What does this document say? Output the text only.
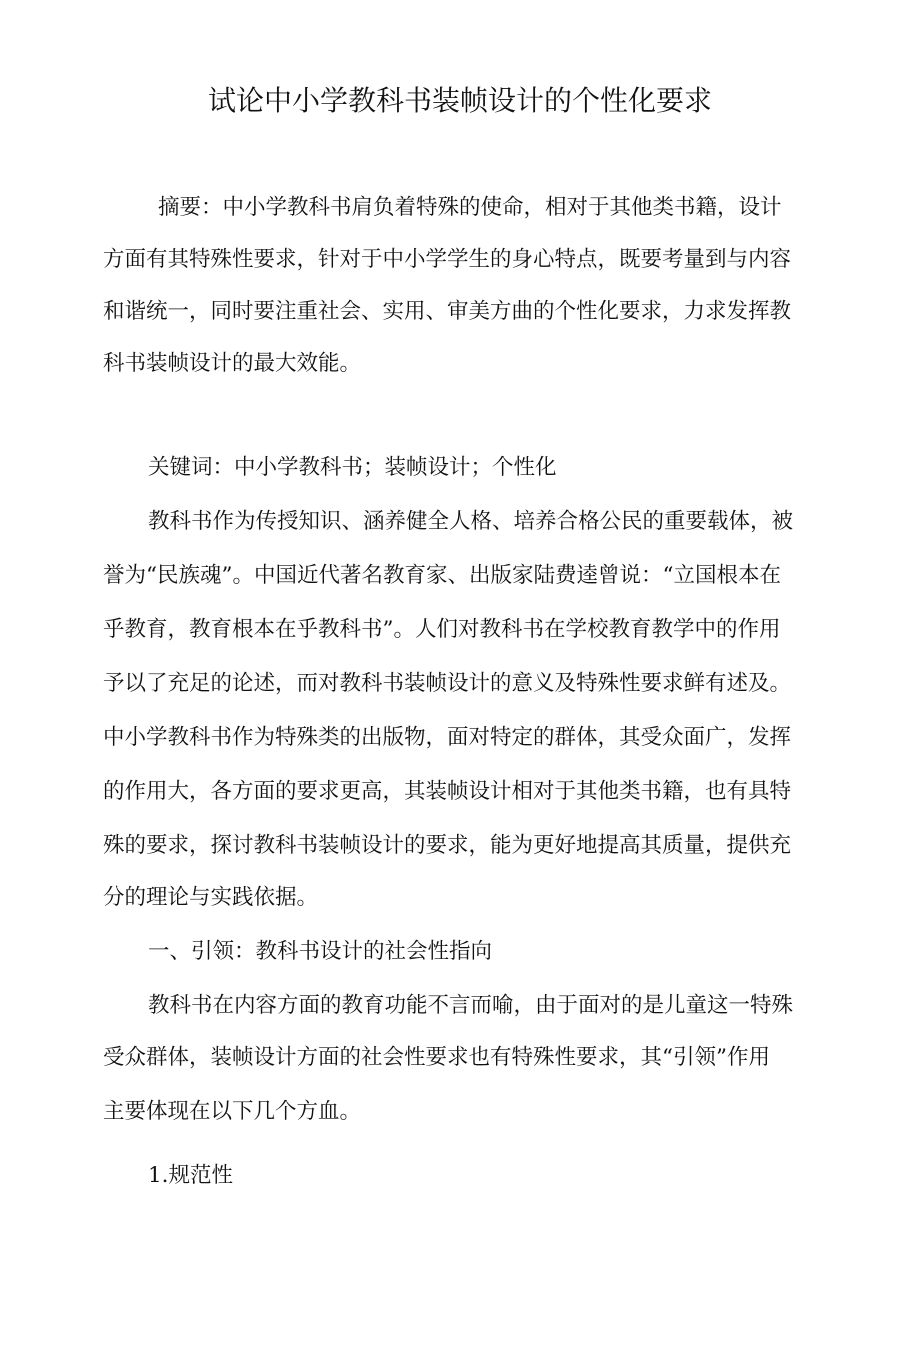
试论中小学教科书装帧设计的个性化要求
摘要：中小学教科书肩负着特殊的使命，相对于其他类书籍，设计
方面有其特殊性要求，针对于中小学学生的身心特点，既要考量到与内容
和谐统一，同时要注重社会、实用、审美方曲的个性化要求，力求发挥教
科书装帧设计的最大效能。
关键词：中小学教科书；装帧设计；个性化
教科书作为传授知识、涵养健全人格、培养合格公民的重要载体，被
誉为“民族魂”。中国近代著名教育家、出版家陆费逵曾说：“立国根本在
乎教育，教育根本在乎教科书”。人们对教科书在学校教育教学中的作用
予以了充足的论述，而对教科书装帧设计的意义及特殊性要求鲜有述及。
中小学教科书作为特殊类的出版物，面对特定的群体，其受众面广，发挥
的作用大，各方面的要求更高，其装帧设计相对于其他类书籍，也有具特
殊的要求，探讨教科书装帧设计的要求，能为更好地提高其质量，提供充
分的理论与实践依据。
一、引领：教科书设计的社会性指向
教科书在内容方面的教育功能不言而喻，由于面对的是儿童这一特殊
受众群体，装帧设计方面的社会性要求也有特殊性要求，其“引领”作用
主要体现在以下几个方血。
1.规范性
